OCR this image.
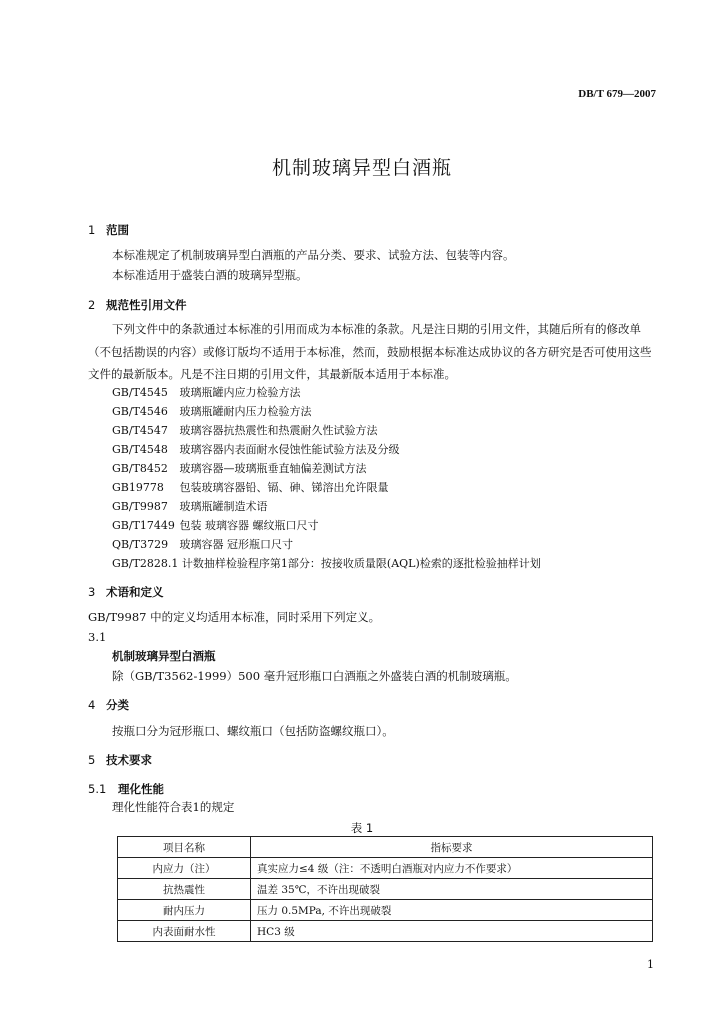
DB/T 679—2007
机制玻璃异型白酒瓶
1 范围
本标准规定了机制玻璃异型白酒瓶的产品分类、要求、试验方法、包装等内容。
本标准适用于盛装白酒的玻璃异型瓶。
2 规范性引用文件
下列文件中的条款通过本标准的引用而成为本标准的条款。凡是注日期的引用文件，其随后所有的修改单（不包括勘误的内容）或修订版均不适用于本标准，然而，鼓励根据本标准达成协议的各方研究是否可使用这些文件的最新版本。凡是不注日期的引用文件，其最新版本适用于本标准。
GB/T4545 玻璃瓶罐内应力检验方法
GB/T4546 玻璃瓶罐耐内压力检验方法
GB/T4547 玻璃容器抗热震性和热震耐久性试验方法
GB/T4548 玻璃容器内表面耐水侵蚀性能试验方法及分级
GB/T8452 玻璃容器—玻璃瓶垂直轴偏差测试方法
GB19778 包装玻璃容器铅、镉、砷、锑溶出允许限量
GB/T9987 玻璃瓶罐制造术语
GB/T17449 包装 玻璃容器 螺纹瓶口尺寸
QB/T3729 玻璃容器 冠形瓶口尺寸
GB/T2828.1 计数抽样检验程序第1部分：按接收质量限(AQL)检索的逐批检验抽样计划
3 术语和定义
GB/T9987 中的定义均适用本标准，同时采用下列定义。
3.1
机制玻璃异型白酒瓶
除（GB/T3562-1999）500 毫升冠形瓶口白酒瓶之外盛装白酒的机制玻璃瓶。
4 分类
按瓶口分为冠形瓶口、螺纹瓶口（包括防盗螺纹瓶口）。
5 技术要求
5.1 理化性能
理化性能符合表1的规定
表 1
项目名称	指标要求
内应力（注）	真实应力≤4 级（注：不透明白酒瓶对内应力不作要求）
抗热震性	温差 35℃，不许出现破裂
耐内压力	压力 0.5MPa, 不许出现破裂
内表面耐水性	HC3 级
1
